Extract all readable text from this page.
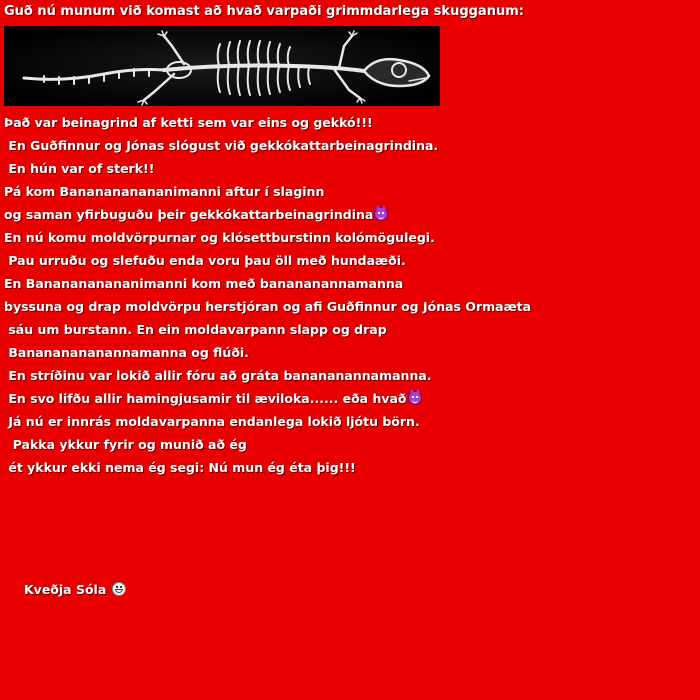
Guð nú munum við komast að hvað varpaði grimmdarlega skugganum:
Það var beinagrind af ketti sem var eins og gekkó!!!
En Guðfinnur og Jónas slógust við gekkókattarbeinagrindina.
En hún var of sterk!!
Pá kom Bananananananimanni aftur í slaginn
og saman yfirbuguðu þeir gekkókattarbeinagrindina
En nú komu moldvörpurnar og klósettburstinn kolómögulegi.
Pau urruðu og slefuðu enda voru þau öll með hundaæði.
En Bananananananimanni kom með banananannamanna
byssuna og drap moldvörpu herstjóran og afi Guðfinnur og Jónas Ormaæta
sáu um burstann. En ein moldavarpann slapp og drap
Banananananannamanna og flúði.
En stríðinu var lokið allir fóru að gráta banananannamanna.
En svo lifðu allir hamingjusamir til æviloka...... eða hvað
Já nú er innrás moldavarpanna endanlega lokið ljótu börn.
Pakka ykkur fyrir og munið að ég
ét ykkur ekki nema ég segi: Nú mun ég éta þig!!!
Kveðja Sóla
